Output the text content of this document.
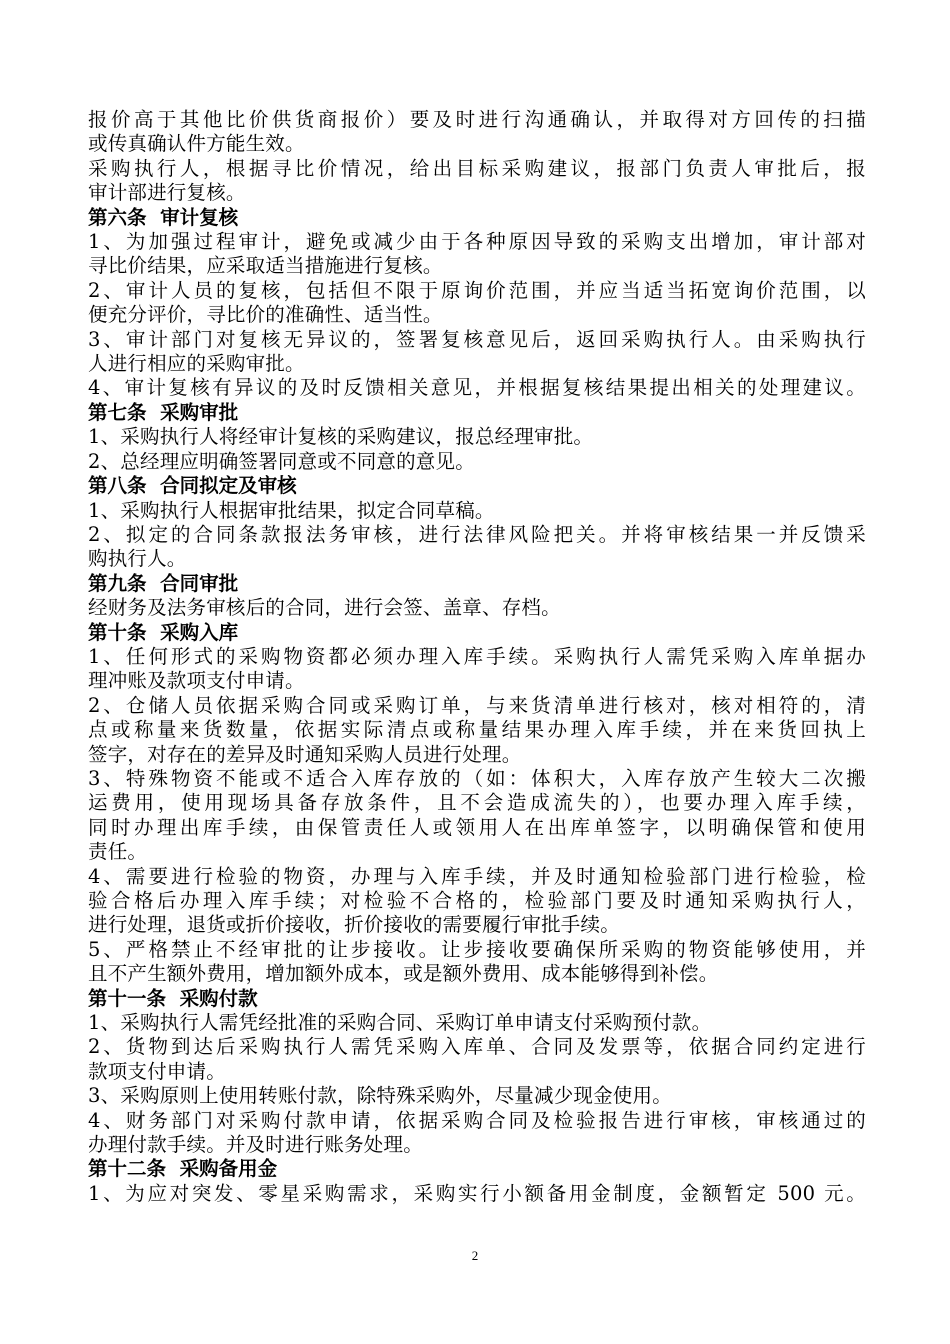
报价高于其他比价供货商报价）要及时进行沟通确认，并取得对方回传的扫描
或传真确认件方能生效。
采购执行人，根据寻比价情况，给出目标采购建议，报部门负责人审批后，报
审计部进行复核。
第六条  审计复核
1、为加强过程审计，避免或减少由于各种原因导致的采购支出增加，审计部对
寻比价结果，应采取适当措施进行复核。
2、审计人员的复核，包括但不限于原询价范围，并应当适当拓宽询价范围，以
便充分评价，寻比价的准确性、适当性。
3、审计部门对复核无异议的，签署复核意见后，返回采购执行人。由采购执行
人进行相应的采购审批。
4、审计复核有异议的及时反馈相关意见，并根据复核结果提出相关的处理建议。
第七条  采购审批
1、采购执行人将经审计复核的采购建议，报总经理审批。
2、总经理应明确签署同意或不同意的意见。
第八条  合同拟定及审核
1、采购执行人根据审批结果，拟定合同草稿。
2、拟定的合同条款报法务审核，进行法律风险把关。并将审核结果一并反馈采
购执行人。
第九条  合同审批
经财务及法务审核后的合同，进行会签、盖章、存档。
第十条  采购入库
1、任何形式的采购物资都必须办理入库手续。采购执行人需凭采购入库单据办
理冲账及款项支付申请。
2、仓储人员依据采购合同或采购订单，与来货清单进行核对，核对相符的，清
点或称量来货数量，依据实际清点或称量结果办理入库手续，并在来货回执上
签字，对存在的差异及时通知采购人员进行处理。
3、特殊物资不能或不适合入库存放的（如：体积大，入库存放产生较大二次搬
运费用，使用现场具备存放条件，且不会造成流失的），也要办理入库手续，
同时办理出库手续，由保管责任人或领用人在出库单签字，以明确保管和使用
责任。
4、需要进行检验的物资，办理与入库手续，并及时通知检验部门进行检验，检
验合格后办理入库手续；对检验不合格的，检验部门要及时通知采购执行人，
进行处理，退货或折价接收，折价接收的需要履行审批手续。
5、严格禁止不经审批的让步接收。让步接收要确保所采购的物资能够使用，并
且不产生额外费用，增加额外成本，或是额外费用、成本能够得到补偿。
第十一条  采购付款
1、采购执行人需凭经批准的采购合同、采购订单申请支付采购预付款。
2、货物到达后采购执行人需凭采购入库单、合同及发票等，依据合同约定进行
款项支付申请。
3、采购原则上使用转账付款，除特殊采购外，尽量减少现金使用。
4、财务部门对采购付款申请，依据采购合同及检验报告进行审核，审核通过的
办理付款手续。并及时进行账务处理。
第十二条  采购备用金
1、为应对突发、零星采购需求，采购实行小额备用金制度，金额暂定 500 元。
2
